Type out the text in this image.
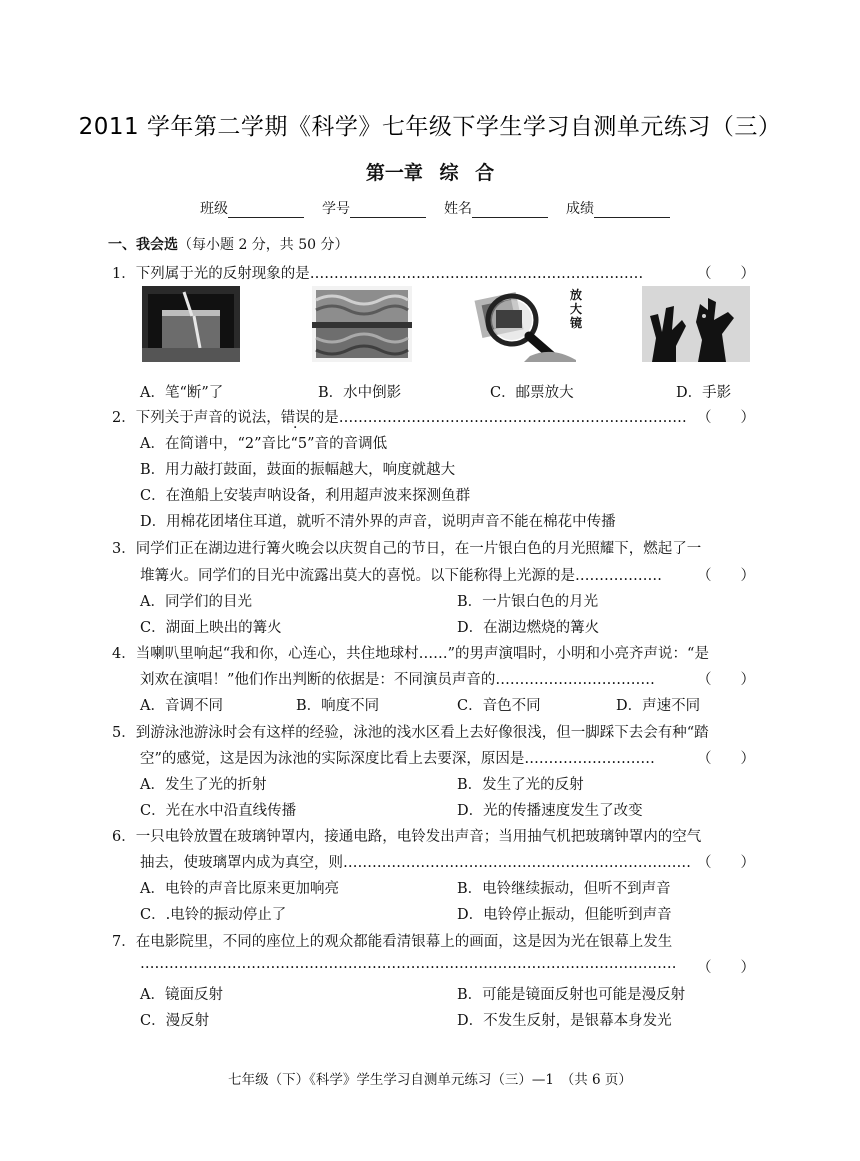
2011 学年第二学期《科学》七年级下学生学习自测单元练习（三）
第一章 综 合
班级	学号	姓名	成绩
一、我会选（每小题 2 分，共 50 分）
1．下列属于光的反射现象的是……………………………………………………………	（　　）
放大镜
A．笔“断”了	B．水中倒影	C．邮票放大	D．手影
2．下列关于声音的说法，错误的是……………………………………………………………… （　　）
A．在简谱中，“2”音比“5”音的音调低
B．用力敲打鼓面，鼓面的振幅越大，响度就越大
C．在渔船上安装声呐设备，利用超声波来探测鱼群
D．用棉花团堵住耳道，就听不清外界的声音，说明声音不能在棉花中传播
3．同学们正在湖边进行篝火晚会以庆贺自己的节日，在一片银白色的月光照耀下，燃起了一
堆篝火。同学们的目光中流露出莫大的喜悦。以下能称得上光源的是……………… （　　）
A．同学们的目光	B．一片银白色的月光
C．湖面上映出的篝火	D．在湖边燃烧的篝火
4．当喇叭里响起“我和你，心连心，共住地球村……”的男声演唱时，小明和小亮齐声说：“是
刘欢在演唱！”他们作出判断的依据是：不同演员声音的……………………………	（　　）
A．音调不同	B．响度不同	C．音色不同	D．声速不同
5．到游泳池游泳时会有这样的经验，泳池的浅水区看上去好像很浅，但一脚踩下去会有种“踏
空”的感觉，这是因为泳池的实际深度比看上去要深，原因是………………………	（　　）
A．发生了光的折射	B．发生了光的反射
C．光在水中沿直线传播	D．光的传播速度发生了改变
6．一只电铃放置在玻璃钟罩内，接通电路，电铃发出声音；当用抽气机把玻璃钟罩内的空气
抽去，使玻璃罩内成为真空，则……………………………………………………………… （　　）
A．电铃的声音比原来更加响亮	B．电铃继续振动，但听不到声音
C．.电铃的振动停止了	D．电铃停止振动，但能听到声音
7．在电影院里，不同的座位上的观众都能看清银幕上的画面，这是因为光在银幕上发生
………………………………………………………………………………………………… （　　）
A．镜面反射	B．可能是镜面反射也可能是漫反射
C．漫反射	D．不发生反射，是银幕本身发光
七年级（下）《科学》学生学习自测单元练习（三）—1　（共 6 页）
